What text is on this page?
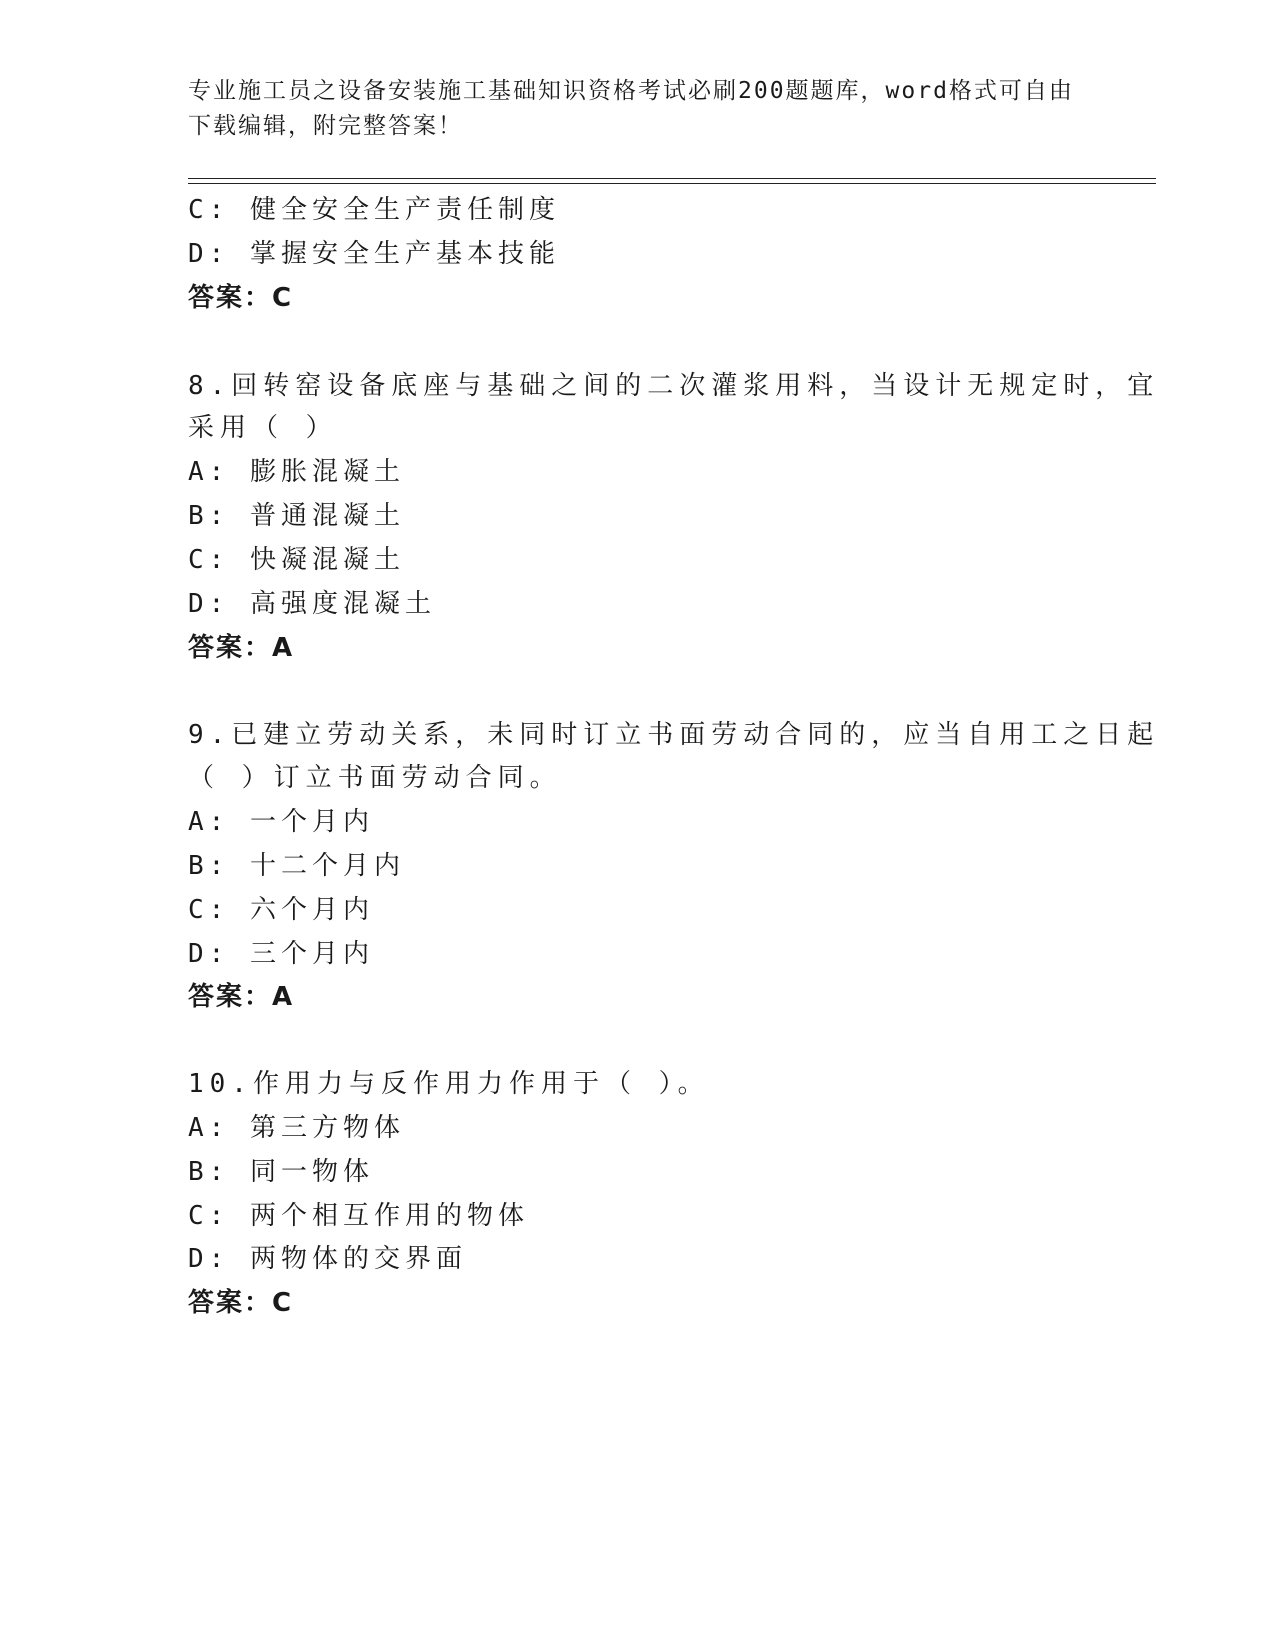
专业施工员之设备安装施工基础知识资格考试必刷200题题库，word格式可自由
下载编辑，附完整答案！
C: 健全安全生产责任制度
D: 掌握安全生产基本技能
答案：C
8.回转窑设备底座与基础之间的二次灌浆用料，当设计无规定时，宜
采用（ ）
A: 膨胀混凝土
B: 普通混凝土
C: 快凝混凝土
D: 高强度混凝土
答案：A
9.已建立劳动关系，未同时订立书面劳动合同的，应当自用工之日起
（ ）订立书面劳动合同。
A: 一个月内
B: 十二个月内
C: 六个月内
D: 三个月内
答案：A
10.作用力与反作用力作用于（ ）。
A: 第三方物体
B: 同一物体
C: 两个相互作用的物体
D: 两物体的交界面
答案：C
